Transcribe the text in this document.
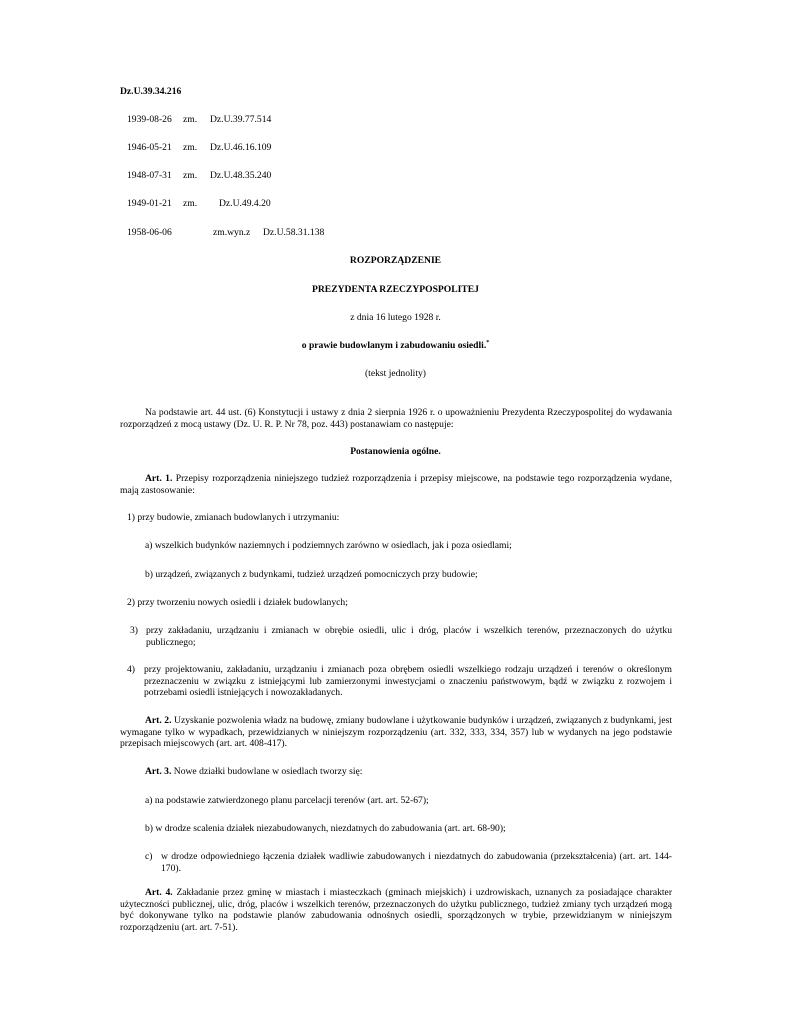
Dz.U.39.34.216
1939-08-26 zm. Dz.U.39.77.514
1946-05-21 zm. Dz.U.46.16.109
1948-07-31 zm. Dz.U.48.35.240
1949-01-21 zm. Dz.U.49.4.20
1958-06-06	zm.wyn.z Dz.U.58.31.138
ROZPORZĄDZENIE
PREZYDENTA RZECZYPOSPOLITEJ
z dnia 16 lutego 1928 r.
o prawie budowlanym i zabudowaniu osiedli.*
(tekst jednolity)
Na podstawie art. 44 ust. (6) Konstytucji i ustawy z dnia 2 sierpnia 1926 r. o upoważnieniu Prezydenta Rzeczypospolitej do wydawania rozporządzeń z mocą ustawy (Dz. U. R. P. Nr 78, poz. 443) postanawiam co następuje:
Postanowienia ogólne.
Art. 1. Przepisy rozporządzenia niniejszego tudzież rozporządzenia i przepisy miejscowe, na podstawie tego rozporządzenia wydane, mają zastosowanie:
1) przy budowie, zmianach budowlanych i utrzymaniu:
a) wszelkich budynków naziemnych i podziemnych zarówno w osiedlach, jak i poza osiedlami;
b) urządzeń, związanych z budynkami, tudzież urządzeń pomocniczych przy budowie;
2) przy tworzeniu nowych osiedli i działek budowlanych;
3) przy zakładaniu, urządzaniu i zmianach w obrębie osiedli, ulic i dróg, placów i wszelkich terenów, przeznaczonych do użytku publicznego;
4) przy projektowaniu, zakładaniu, urządzaniu i zmianach poza obrębem osiedli wszelkiego rodzaju urządzeń i terenów o określonym przeznaczeniu w związku z istniejącymi lub zamierzonymi inwestycjami o znaczeniu państwowym, bądź w związku z rozwojem i potrzebami osiedli istniejących i nowozakładanych.
Art. 2. Uzyskanie pozwolenia władz na budowę, zmiany budowlane i użytkowanie budynków i urządzeń, związanych z budynkami, jest wymagane tylko w wypadkach, przewidzianych w niniejszym rozporządzeniu (art. 332, 333, 334, 357) lub w wydanych na jego podstawie przepisach miejscowych (art. art. 408-417).
Art. 3. Nowe działki budowlane w osiedlach tworzy się:
a) na podstawie zatwierdzonego planu parcelacji terenów (art. art. 52-67);
b) w drodze scalenia działek niezabudowanych, niezdatnych do zabudowania (art. art. 68-90);
c) w drodze odpowiedniego łączenia działek wadliwie zabudowanych i niezdatnych do zabudowania (przekształcenia) (art. art. 144-170).
Art. 4. Zakładanie przez gminę w miastach i miasteczkach (gminach miejskich) i uzdrowiskach, uznanych za posiadające charakter użyteczności publicznej, ulic, dróg, placów i wszelkich terenów, przeznaczonych do użytku publicznego, tudzież zmiany tych urządzeń mogą być dokonywane tylko na podstawie planów zabudowania odnośnych osiedli, sporządzonych w trybie, przewidzianym w niniejszym rozporządzeniu (art. art. 7-51).
